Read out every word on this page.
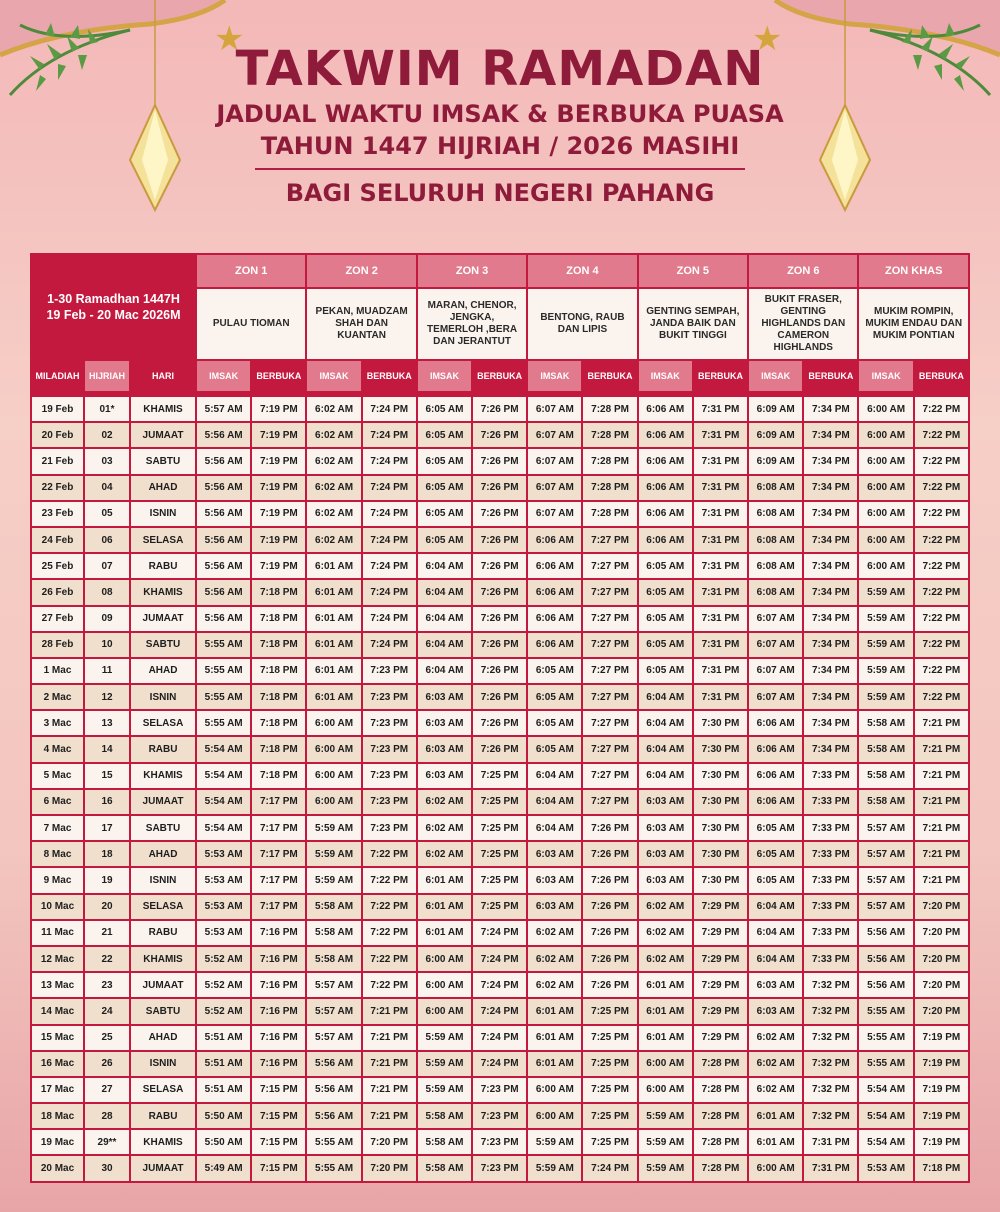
★	★
TAKWIM RAMADAN

JADUAL WAKTU IMSAK & BERBUKA PUASA

TAHUN 1447 HIJRIAH / 2026 MASIHI

BAGI SELURUH NEGERI PAHANG

1-30 Ramadhan 1447H
19 Feb - 20 Mac 2026M			ZON 1		ZON 2		ZON 3		ZON 4		ZON 5		ZON 6		ZON KHAS	
			PULAU TIOMAN		PEKAN, MUADZAM SHAH DAN KUANTAN		MARAN, CHENOR, JENGKA, TEMERLOH ,BERA DAN JERANTUT		BENTONG, RAUB DAN LIPIS		GENTING SEMPAH, JANDA BAIK DAN BUKIT TINGGI		BUKIT FRASER, GENTING HIGHLANDS DAN CAMERON HIGHLANDS		MUKIM ROMPIN, MUKIM ENDAU DAN MUKIM PONTIAN	
MILADIAH	HIJRIAH	HARI	IMSAK	BERBUKA	IMSAK	BERBUKA	IMSAK	BERBUKA	IMSAK	BERBUKA	IMSAK	BERBUKA	IMSAK	BERBUKA	IMSAK	BERBUKA

19 Feb	01*	KHAMIS	5:57 AM	7:19 PM	6:02 AM	7:24 PM	6:05 AM	7:26 PM	6:07 AM	7:28 PM	6:06 AM	7:31 PM	6:09 AM	7:34 PM	6:00 AM	7:22 PM
20 Feb	02	JUMAAT	5:56 AM	7:19 PM	6:02 AM	7:24 PM	6:05 AM	7:26 PM	6:07 AM	7:28 PM	6:06 AM	7:31 PM	6:09 AM	7:34 PM	6:00 AM	7:22 PM
21 Feb	03	SABTU	5:56 AM	7:19 PM	6:02 AM	7:24 PM	6:05 AM	7:26 PM	6:07 AM	7:28 PM	6:06 AM	7:31 PM	6:09 AM	7:34 PM	6:00 AM	7:22 PM
22 Feb	04	AHAD	5:56 AM	7:19 PM	6:02 AM	7:24 PM	6:05 AM	7:26 PM	6:07 AM	7:28 PM	6:06 AM	7:31 PM	6:08 AM	7:34 PM	6:00 AM	7:22 PM
23 Feb	05	ISNIN	5:56 AM	7:19 PM	6:02 AM	7:24 PM	6:05 AM	7:26 PM	6:07 AM	7:28 PM	6:06 AM	7:31 PM	6:08 AM	7:34 PM	6:00 AM	7:22 PM
24 Feb	06	SELASA	5:56 AM	7:19 PM	6:02 AM	7:24 PM	6:05 AM	7:26 PM	6:06 AM	7:27 PM	6:06 AM	7:31 PM	6:08 AM	7:34 PM	6:00 AM	7:22 PM
25 Feb	07	RABU	5:56 AM	7:19 PM	6:01 AM	7:24 PM	6:04 AM	7:26 PM	6:06 AM	7:27 PM	6:05 AM	7:31 PM	6:08 AM	7:34 PM	6:00 AM	7:22 PM
26 Feb	08	KHAMIS	5:56 AM	7:18 PM	6:01 AM	7:24 PM	6:04 AM	7:26 PM	6:06 AM	7:27 PM	6:05 AM	7:31 PM	6:08 AM	7:34 PM	5:59 AM	7:22 PM
27 Feb	09	JUMAAT	5:56 AM	7:18 PM	6:01 AM	7:24 PM	6:04 AM	7:26 PM	6:06 AM	7:27 PM	6:05 AM	7:31 PM	6:07 AM	7:34 PM	5:59 AM	7:22 PM
28 Feb	10	SABTU	5:55 AM	7:18 PM	6:01 AM	7:24 PM	6:04 AM	7:26 PM	6:06 AM	7:27 PM	6:05 AM	7:31 PM	6:07 AM	7:34 PM	5:59 AM	7:22 PM
1 Mac	11	AHAD	5:55 AM	7:18 PM	6:01 AM	7:23 PM	6:04 AM	7:26 PM	6:05 AM	7:27 PM	6:05 AM	7:31 PM	6:07 AM	7:34 PM	5:59 AM	7:22 PM
2 Mac	12	ISNIN	5:55 AM	7:18 PM	6:01 AM	7:23 PM	6:03 AM	7:26 PM	6:05 AM	7:27 PM	6:04 AM	7:31 PM	6:07 AM	7:34 PM	5:59 AM	7:22 PM
3 Mac	13	SELASA	5:55 AM	7:18 PM	6:00 AM	7:23 PM	6:03 AM	7:26 PM	6:05 AM	7:27 PM	6:04 AM	7:30 PM	6:06 AM	7:34 PM	5:58 AM	7:21 PM
4 Mac	14	RABU	5:54 AM	7:18 PM	6:00 AM	7:23 PM	6:03 AM	7:26 PM	6:05 AM	7:27 PM	6:04 AM	7:30 PM	6:06 AM	7:34 PM	5:58 AM	7:21 PM
5 Mac	15	KHAMIS	5:54 AM	7:18 PM	6:00 AM	7:23 PM	6:03 AM	7:25 PM	6:04 AM	7:27 PM	6:04 AM	7:30 PM	6:06 AM	7:33 PM	5:58 AM	7:21 PM
6 Mac	16	JUMAAT	5:54 AM	7:17 PM	6:00 AM	7:23 PM	6:02 AM	7:25 PM	6:04 AM	7:27 PM	6:03 AM	7:30 PM	6:06 AM	7:33 PM	5:58 AM	7:21 PM
7 Mac	17	SABTU	5:54 AM	7:17 PM	5:59 AM	7:23 PM	6:02 AM	7:25 PM	6:04 AM	7:26 PM	6:03 AM	7:30 PM	6:05 AM	7:33 PM	5:57 AM	7:21 PM
8 Mac	18	AHAD	5:53 AM	7:17 PM	5:59 AM	7:22 PM	6:02 AM	7:25 PM	6:03 AM	7:26 PM	6:03 AM	7:30 PM	6:05 AM	7:33 PM	5:57 AM	7:21 PM
9 Mac	19	ISNIN	5:53 AM	7:17 PM	5:59 AM	7:22 PM	6:01 AM	7:25 PM	6:03 AM	7:26 PM	6:03 AM	7:30 PM	6:05 AM	7:33 PM	5:57 AM	7:21 PM
10 Mac	20	SELASA	5:53 AM	7:17 PM	5:58 AM	7:22 PM	6:01 AM	7:25 PM	6:03 AM	7:26 PM	6:02 AM	7:29 PM	6:04 AM	7:33 PM	5:57 AM	7:20 PM
11 Mac	21	RABU	5:53 AM	7:16 PM	5:58 AM	7:22 PM	6:01 AM	7:24 PM	6:02 AM	7:26 PM	6:02 AM	7:29 PM	6:04 AM	7:33 PM	5:56 AM	7:20 PM
12 Mac	22	KHAMIS	5:52 AM	7:16 PM	5:58 AM	7:22 PM	6:00 AM	7:24 PM	6:02 AM	7:26 PM	6:02 AM	7:29 PM	6:04 AM	7:33 PM	5:56 AM	7:20 PM
13 Mac	23	JUMAAT	5:52 AM	7:16 PM	5:57 AM	7:22 PM	6:00 AM	7:24 PM	6:02 AM	7:26 PM	6:01 AM	7:29 PM	6:03 AM	7:32 PM	5:56 AM	7:20 PM
14 Mac	24	SABTU	5:52 AM	7:16 PM	5:57 AM	7:21 PM	6:00 AM	7:24 PM	6:01 AM	7:25 PM	6:01 AM	7:29 PM	6:03 AM	7:32 PM	5:55 AM	7:20 PM
15 Mac	25	AHAD	5:51 AM	7:16 PM	5:57 AM	7:21 PM	5:59 AM	7:24 PM	6:01 AM	7:25 PM	6:01 AM	7:29 PM	6:02 AM	7:32 PM	5:55 AM	7:19 PM
16 Mac	26	ISNIN	5:51 AM	7:16 PM	5:56 AM	7:21 PM	5:59 AM	7:24 PM	6:01 AM	7:25 PM	6:00 AM	7:28 PM	6:02 AM	7:32 PM	5:55 AM	7:19 PM
17 Mac	27	SELASA	5:51 AM	7:15 PM	5:56 AM	7:21 PM	5:59 AM	7:23 PM	6:00 AM	7:25 PM	6:00 AM	7:28 PM	6:02 AM	7:32 PM	5:54 AM	7:19 PM
18 Mac	28	RABU	5:50 AM	7:15 PM	5:56 AM	7:21 PM	5:58 AM	7:23 PM	6:00 AM	7:25 PM	5:59 AM	7:28 PM	6:01 AM	7:32 PM	5:54 AM	7:19 PM
19 Mac	29**	KHAMIS	5:50 AM	7:15 PM	5:55 AM	7:20 PM	5:58 AM	7:23 PM	5:59 AM	7:25 PM	5:59 AM	7:28 PM	6:01 AM	7:31 PM	5:54 AM	7:19 PM
20 Mac	30	JUMAAT	5:49 AM	7:15 PM	5:55 AM	7:20 PM	5:58 AM	7:23 PM	5:59 AM	7:24 PM	5:59 AM	7:28 PM	6:00 AM	7:31 PM	5:53 AM	7:18 PM
